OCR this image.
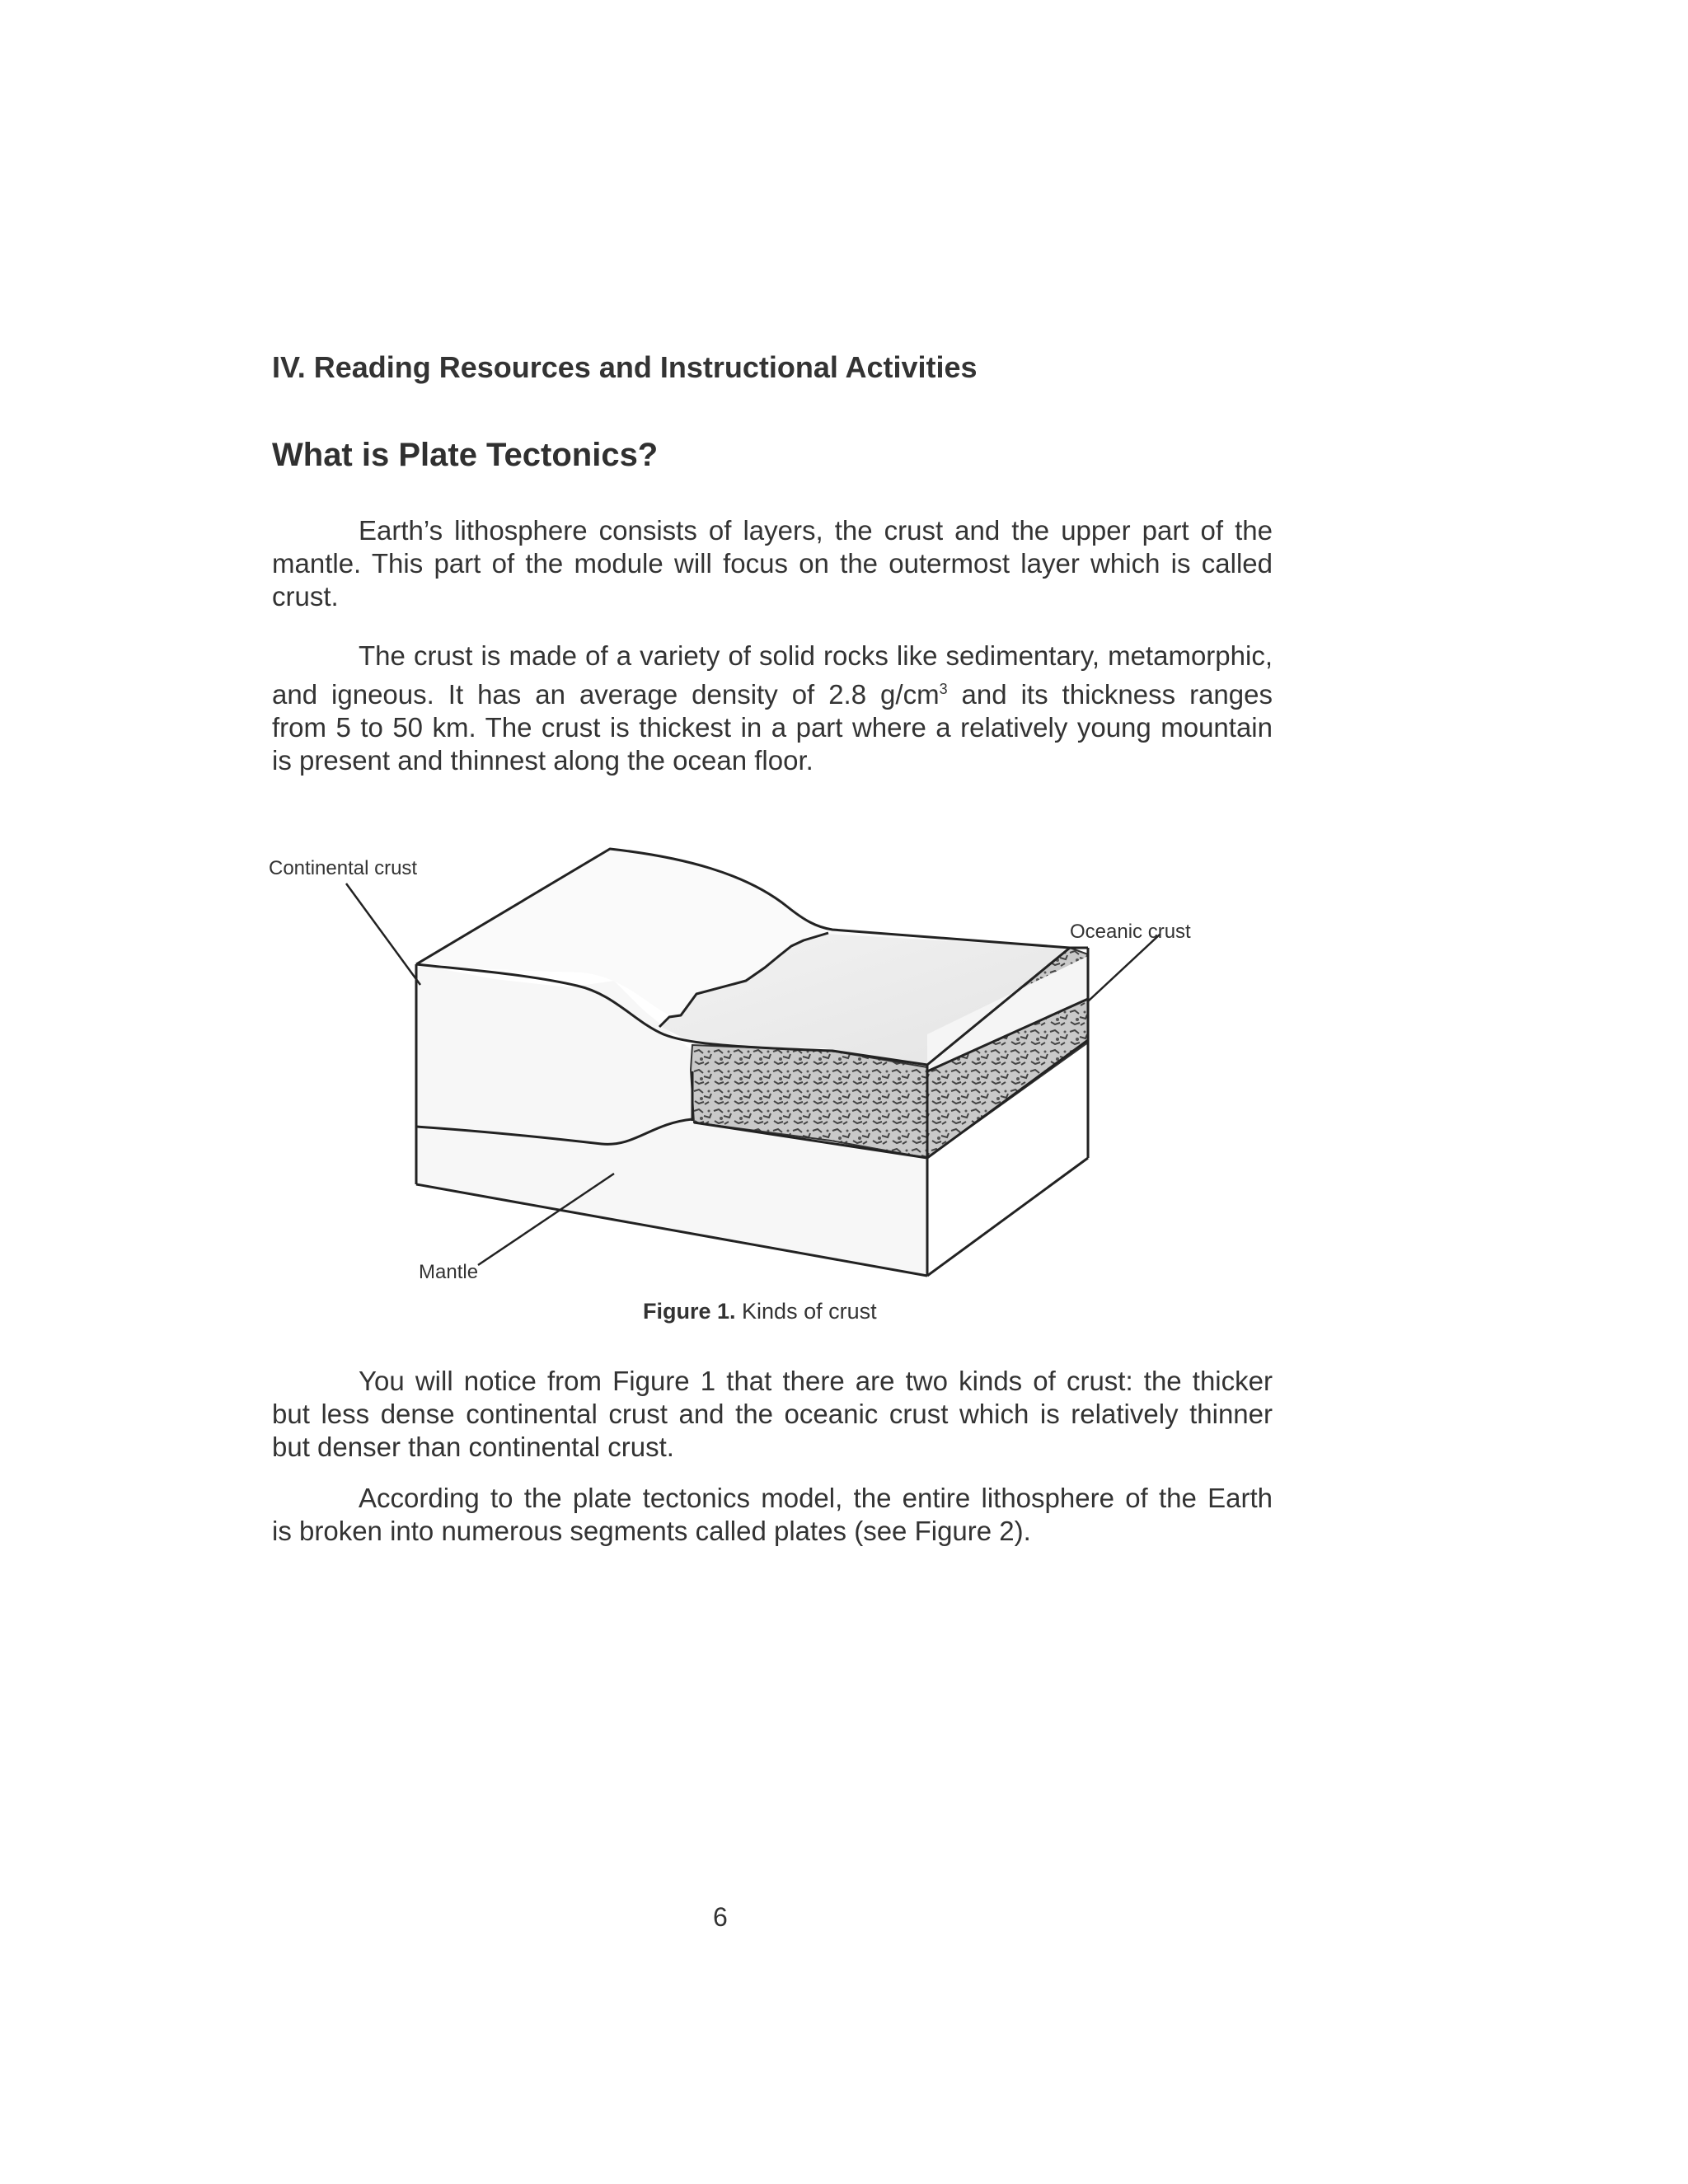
IV. Reading Resources and Instructional Activities
What is Plate Tectonics?
Earth’s lithosphere consists of layers, the crust and the upper part of the
mantle. This part of the module will focus on the outermost layer which is called
crust.
The crust is made of a variety of solid rocks like sedimentary, metamorphic,
and igneous. It has an average density of 2.8 $g/cm^3$ and its thickness ranges
from 5 to 50 km. The crust is thickest in a part where a relatively young mountain
is present and thinnest along the ocean floor.
Continental crust
Oceanic crust
Mantle
Figure 1. Kinds of crust
You will notice from Figure 1 that there are two kinds of crust: the thicker
but less dense continental crust and the oceanic crust which is relatively thinner
but denser than continental crust.
According to the plate tectonics model, the entire lithosphere of the Earth
is broken into numerous segments called plates (see Figure 2).
6
